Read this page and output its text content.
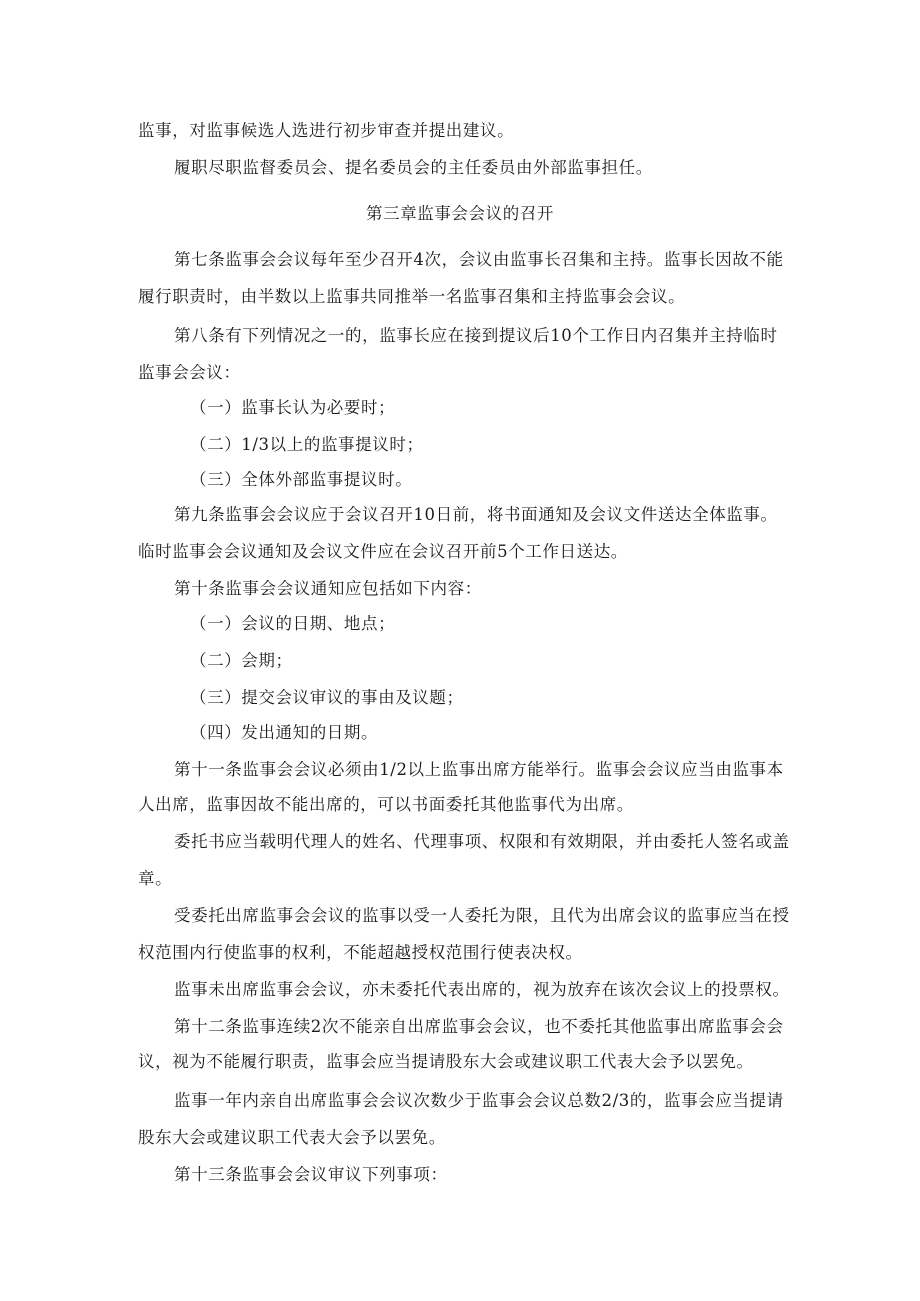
监事，对监事候选人选进行初步审查并提出建议。
履职尽职监督委员会、提名委员会的主任委员由外部监事担任。
第三章监事会会议的召开
第七条监事会会议每年至少召开4次，会议由监事长召集和主持。监事长因故不能
履行职责时，由半数以上监事共同推举一名监事召集和主持监事会会议。
第八条有下列情况之一的，监事长应在接到提议后10个工作日内召集并主持临时
监事会会议：
（一）监事长认为必要时；
（二）1/3以上的监事提议时；
（三）全体外部监事提议时。
第九条监事会会议应于会议召开10日前，将书面通知及会议文件送达全体监事。
临时监事会会议通知及会议文件应在会议召开前5个工作日送达。
第十条监事会会议通知应包括如下内容：
（一）会议的日期、地点；
（二）会期；
（三）提交会议审议的事由及议题；
（四）发出通知的日期。
第十一条监事会会议必须由1/2以上监事出席方能举行。监事会会议应当由监事本
人出席，监事因故不能出席的，可以书面委托其他监事代为出席。
委托书应当载明代理人的姓名、代理事项、权限和有效期限，并由委托人签名或盖
章。
受委托出席监事会会议的监事以受一人委托为限，且代为出席会议的监事应当在授
权范围内行使监事的权利，不能超越授权范围行使表决权。
监事未出席监事会会议，亦未委托代表出席的，视为放弃在该次会议上的投票权。
第十二条监事连续2次不能亲自出席监事会会议，也不委托其他监事出席监事会会
议，视为不能履行职责，监事会应当提请股东大会或建议职工代表大会予以罢免。
监事一年内亲自出席监事会会议次数少于监事会会议总数2/3的，监事会应当提请
股东大会或建议职工代表大会予以罢免。
第十三条监事会会议审议下列事项：
